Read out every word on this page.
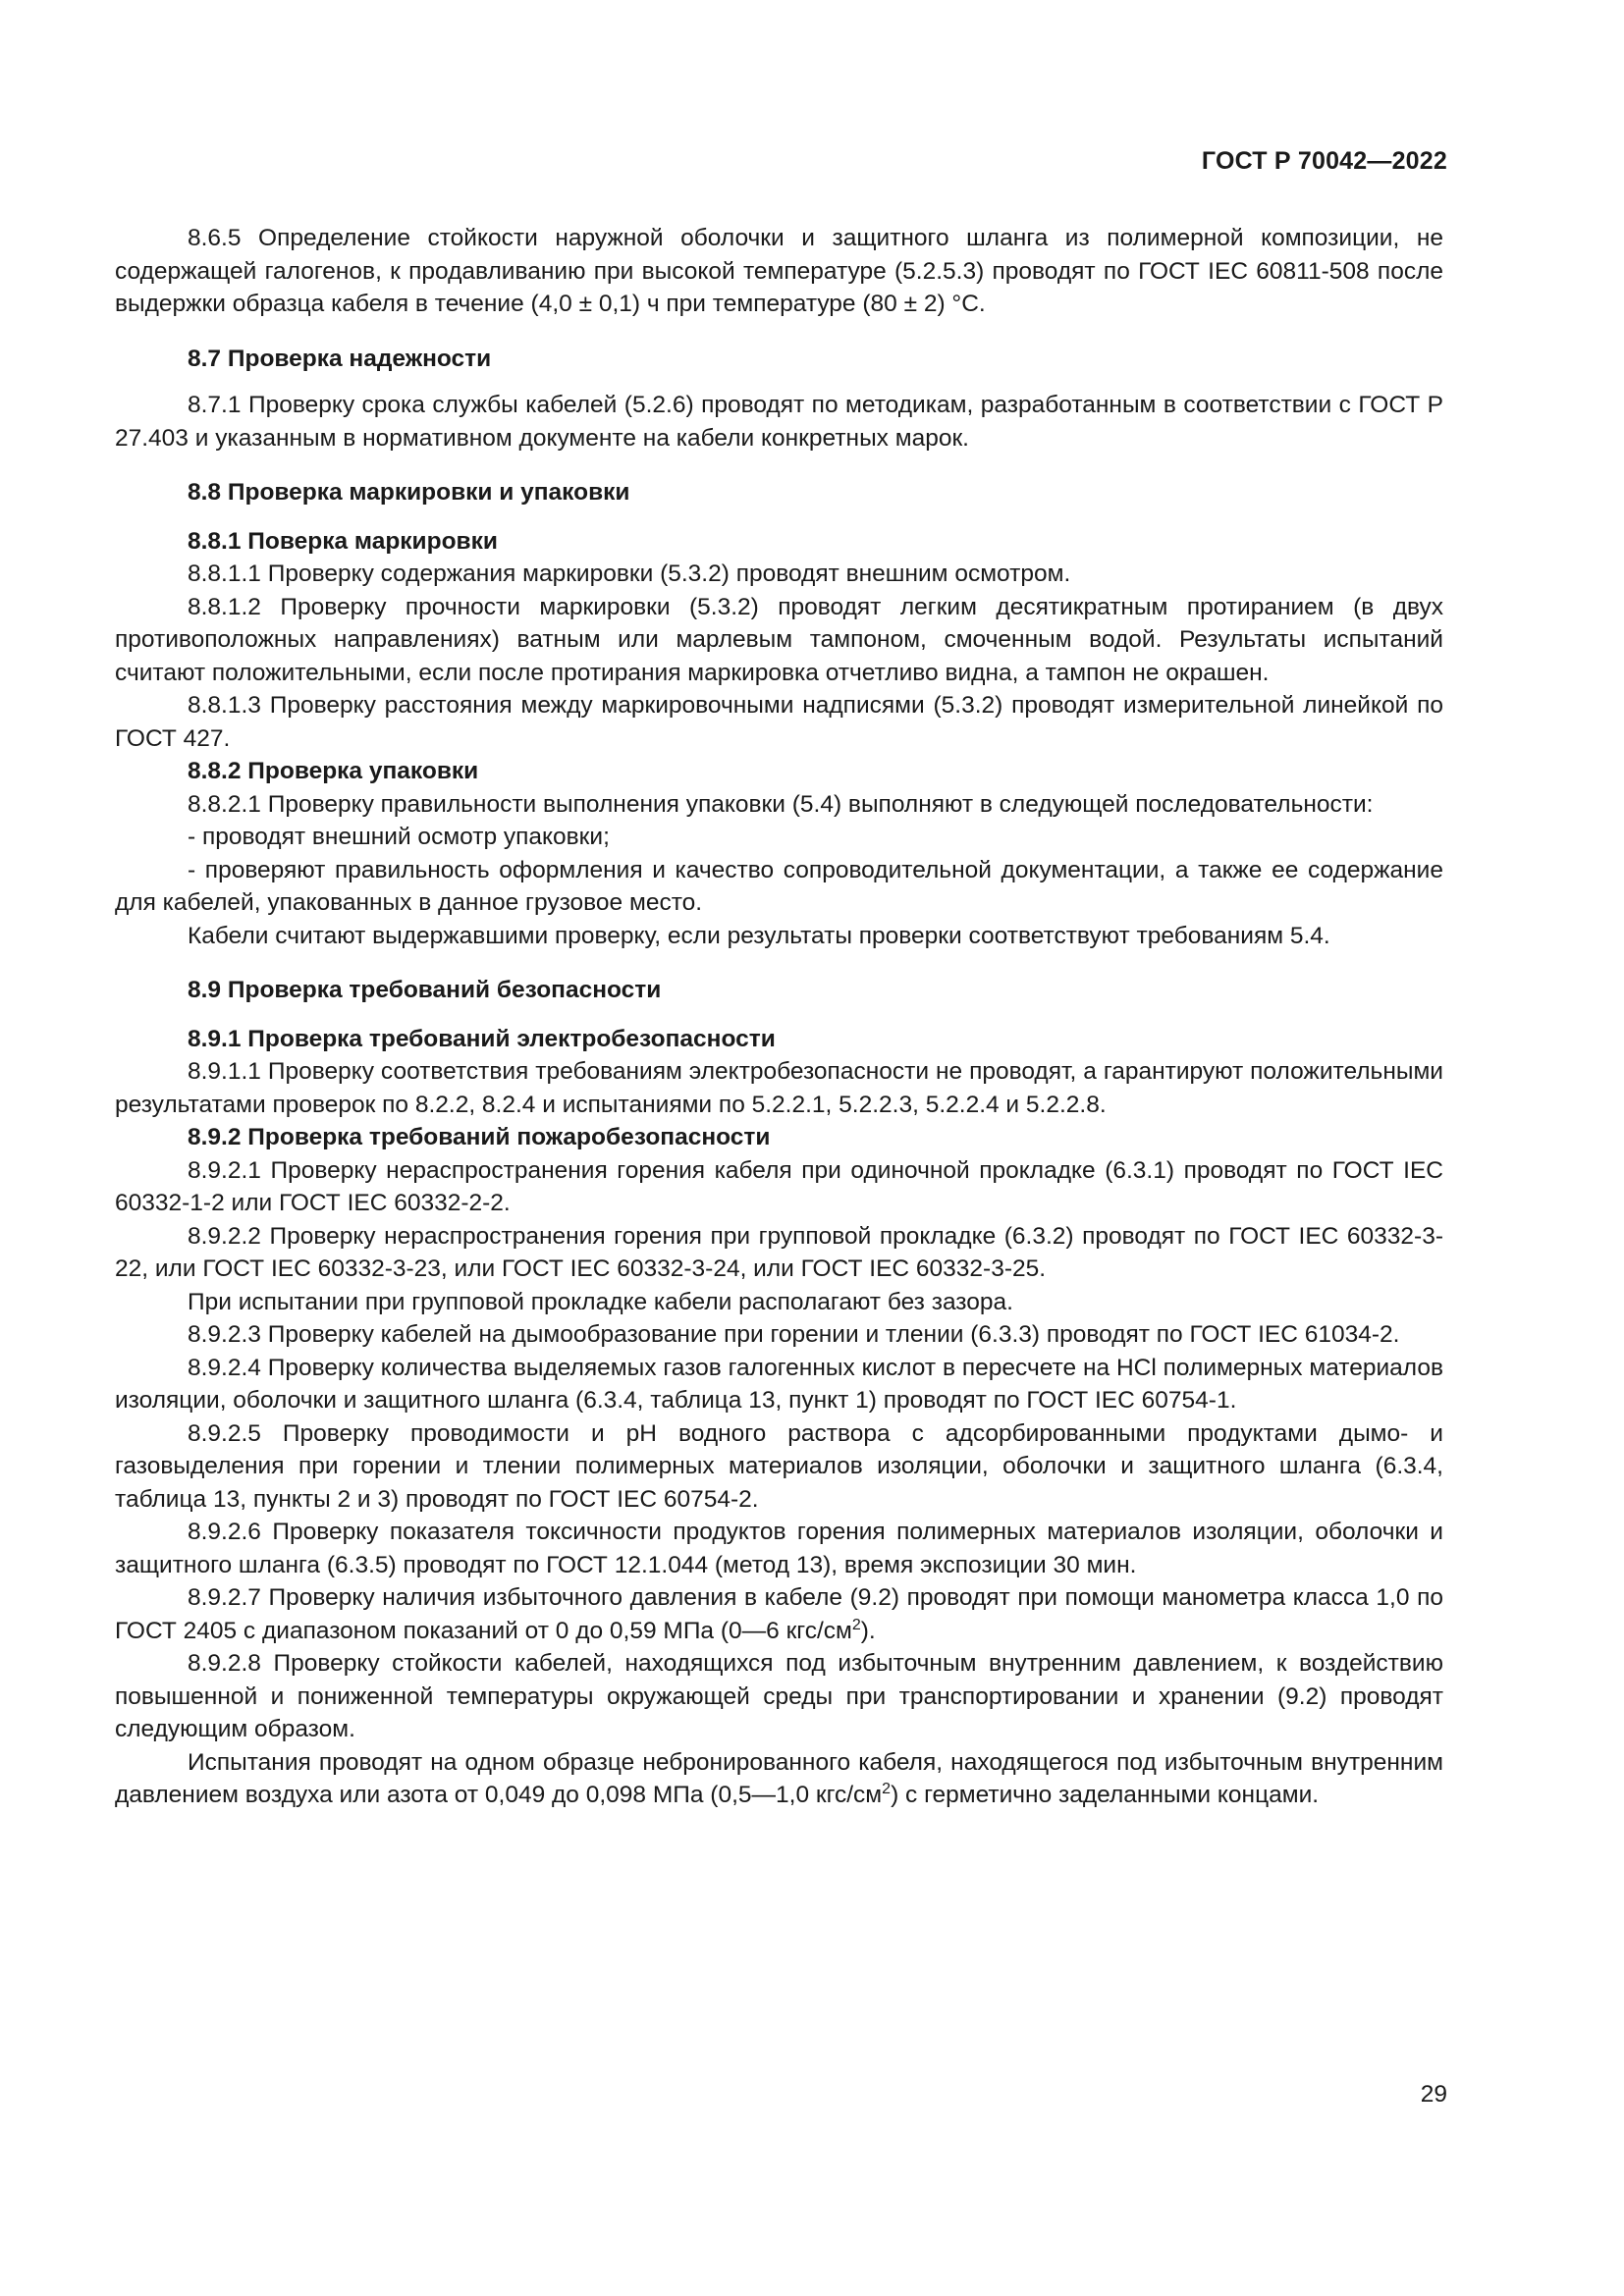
ГОСТ Р 70042—2022

8.6.5 Определение стойкости наружной оболочки и защитного шланга из полимерной композиции, не содержащей галогенов, к продавливанию при высокой температуре (5.2.5.3) проводят по ГОСТ IEC 60811-508 после выдержки образца кабеля в течение (4,0 ± 0,1) ч при температуре (80 ± 2) °С.

8.7 Проверка надежности

8.7.1 Проверку срока службы кабелей (5.2.6) проводят по методикам, разработанным в соответствии с ГОСТ Р 27.403 и указанным в нормативном документе на кабели конкретных марок.

8.8 Проверка маркировки и упаковки

8.8.1 Поверка маркировки

8.8.1.1 Проверку содержания маркировки (5.3.2) проводят внешним осмотром.

8.8.1.2 Проверку прочности маркировки (5.3.2) проводят легким десятикратным протиранием (в двух противоположных направлениях) ватным или марлевым тампоном, смоченным водой. Результаты испытаний считают положительными, если после протирания маркировка отчетливо видна, а тампон не окрашен.

8.8.1.3 Проверку расстояния между маркировочными надписями (5.3.2) проводят измерительной линейкой по ГОСТ 427.

8.8.2 Проверка упаковки

8.8.2.1 Проверку правильности выполнения упаковки (5.4) выполняют в следующей последовательности:

- проводят внешний осмотр упаковки;

- проверяют правильность оформления и качество сопроводительной документации, а также ее содержание для кабелей, упакованных в данное грузовое место.

Кабели считают выдержавшими проверку, если результаты проверки соответствуют требованиям 5.4.

8.9 Проверка требований безопасности

8.9.1 Проверка требований электробезопасности

8.9.1.1 Проверку соответствия требованиям электробезопасности не проводят, а гарантируют положительными результатами проверок по 8.2.2, 8.2.4 и испытаниями по 5.2.2.1, 5.2.2.3, 5.2.2.4 и 5.2.2.8.

8.9.2 Проверка требований пожаробезопасности

8.9.2.1 Проверку нераспространения горения кабеля при одиночной прокладке (6.3.1) проводят по ГОСТ IEC 60332-1-2 или ГОСТ IEC 60332-2-2.

8.9.2.2 Проверку нераспространения горения при групповой прокладке (6.3.2) проводят по ГОСТ IEC 60332-3-22, или ГОСТ IEC 60332-3-23, или ГОСТ IEC 60332-3-24, или ГОСТ IEC 60332-3-25.

При испытании при групповой прокладке кабели располагают без зазора.

8.9.2.3 Проверку кабелей на дымообразование при горении и тлении (6.3.3) проводят по ГОСТ IEC 61034-2.

8.9.2.4 Проверку количества выделяемых газов галогенных кислот в пересчете на HCl полимерных материалов изоляции, оболочки и защитного шланга (6.3.4, таблица 13, пункт 1) проводят по ГОСТ IEC 60754-1.

8.9.2.5 Проверку проводимости и pH водного раствора с адсорбированными продуктами дымо- и газовыделения при горении и тлении полимерных материалов изоляции, оболочки и защитного шланга (6.3.4, таблица 13, пункты 2 и 3) проводят по ГОСТ IEC 60754-2.

8.9.2.6 Проверку показателя токсичности продуктов горения полимерных материалов изоляции, оболочки и защитного шланга (6.3.5) проводят по ГОСТ 12.1.044 (метод 13), время экспозиции 30 мин.

8.9.2.7 Проверку наличия избыточного давления в кабеле (9.2) проводят при помощи манометра класса 1,0 по ГОСТ 2405 с диапазоном показаний от 0 до 0,59 МПа (0—6 кгс/$см^2$).

8.9.2.8 Проверку стойкости кабелей, находящихся под избыточным внутренним давлением, к воздействию повышенной и пониженной температуры окружающей среды при транспортировании и хранении (9.2) проводят следующим образом.

Испытания проводят на одном образце небронированного кабеля, находящегося под избыточным внутренним давлением воздуха или азота от 0,049 до 0,098 МПа (0,5—1,0 кгс/$см^2$) с герметично заделанными концами.

29
